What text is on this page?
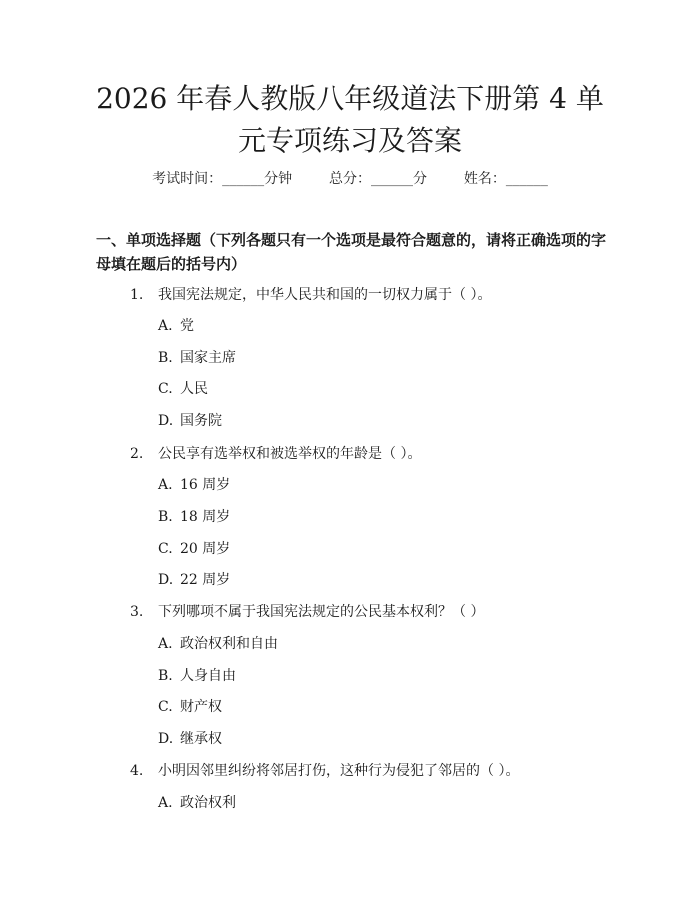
2026 年春人教版八年级道法下册第 4 单元专项练习及答案
考试时间：______分钟	总分：______分	姓名：______
一、单项选择题（下列各题只有一个选项是最符合题意的，请将正确选项的字母填在题后的括号内）
1. 我国宪法规定，中华人民共和国的一切权力属于（ ）。
A. 党
B. 国家主席
C. 人民
D. 国务院
2. 公民享有选举权和被选举权的年龄是（ ）。
A. 16 周岁
B. 18 周岁
C. 20 周岁
D. 22 周岁
3. 下列哪项不属于我国宪法规定的公民基本权利？（ ）
A. 政治权利和自由
B. 人身自由
C. 财产权
D. 继承权
4. 小明因邻里纠纷将邻居打伤，这种行为侵犯了邻居的（ ）。
A. 政治权利
